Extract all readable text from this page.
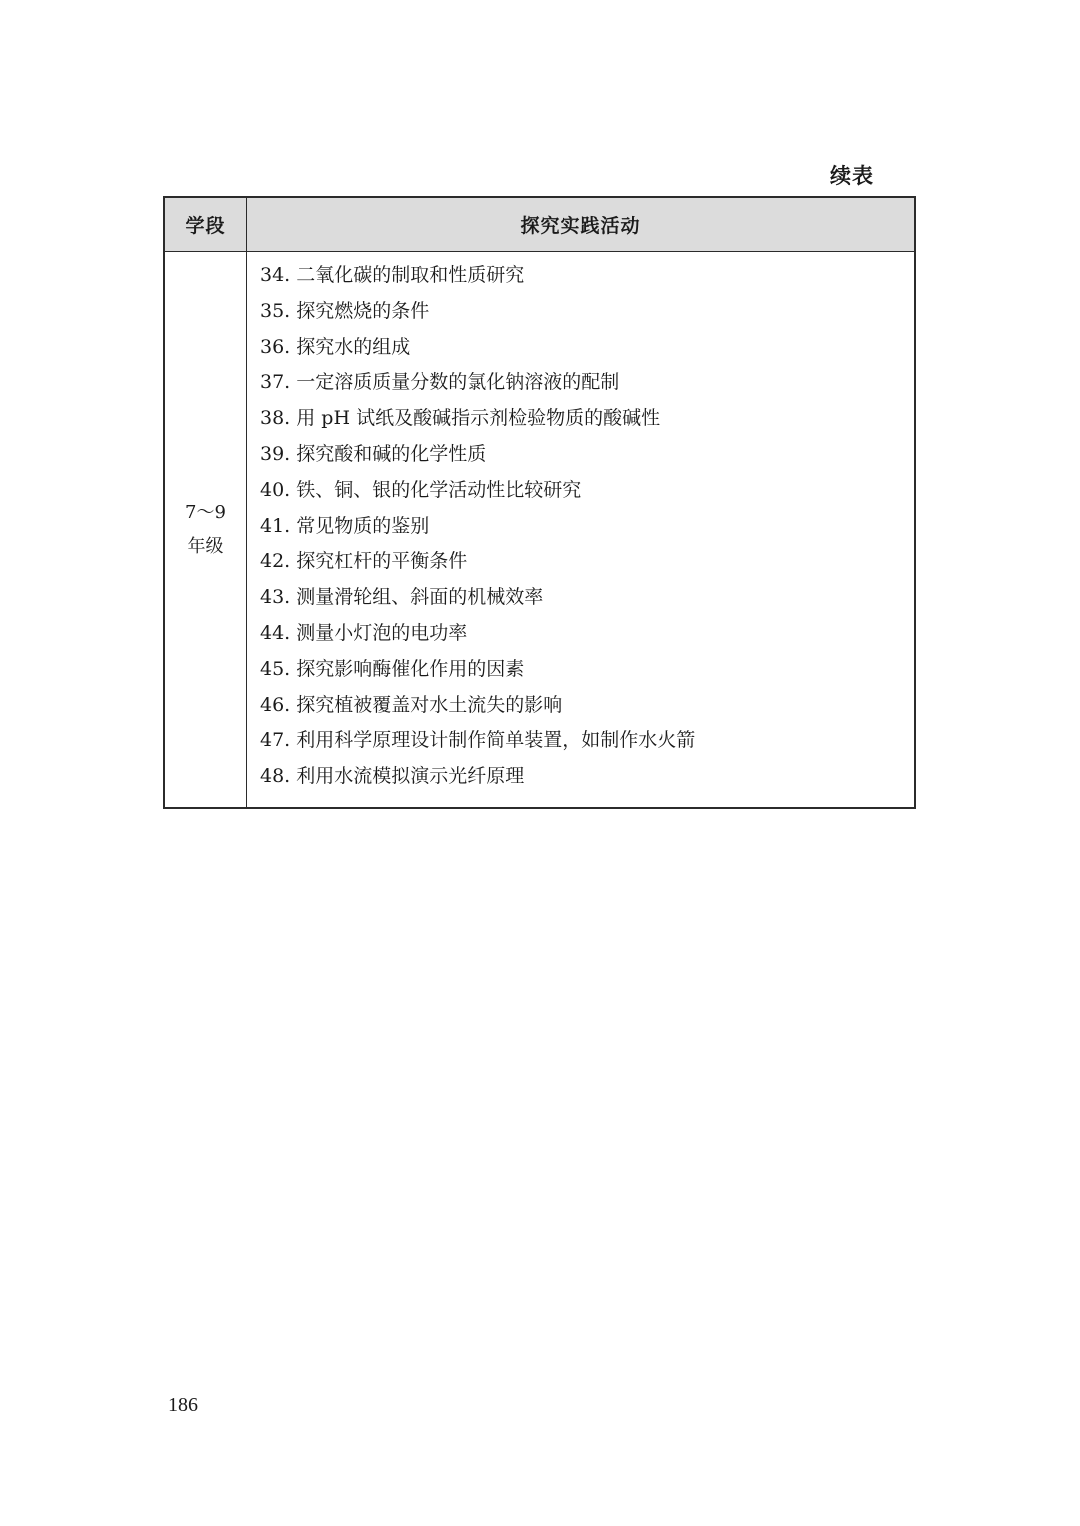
续表
学段	探究实践活动
7～9
年级
34. 二氧化碳的制取和性质研究
35. 探究燃烧的条件
36. 探究水的组成
37. 一定溶质质量分数的氯化钠溶液的配制
38. 用 pH 试纸及酸碱指示剂检验物质的酸碱性
39. 探究酸和碱的化学性质
40. 铁、铜、银的化学活动性比较研究
41. 常见物质的鉴别
42. 探究杠杆的平衡条件
43. 测量滑轮组、斜面的机械效率
44. 测量小灯泡的电功率
45. 探究影响酶催化作用的因素
46. 探究植被覆盖对水土流失的影响
47. 利用科学原理设计制作简单装置，如制作水火箭
48. 利用水流模拟演示光纤原理
186
